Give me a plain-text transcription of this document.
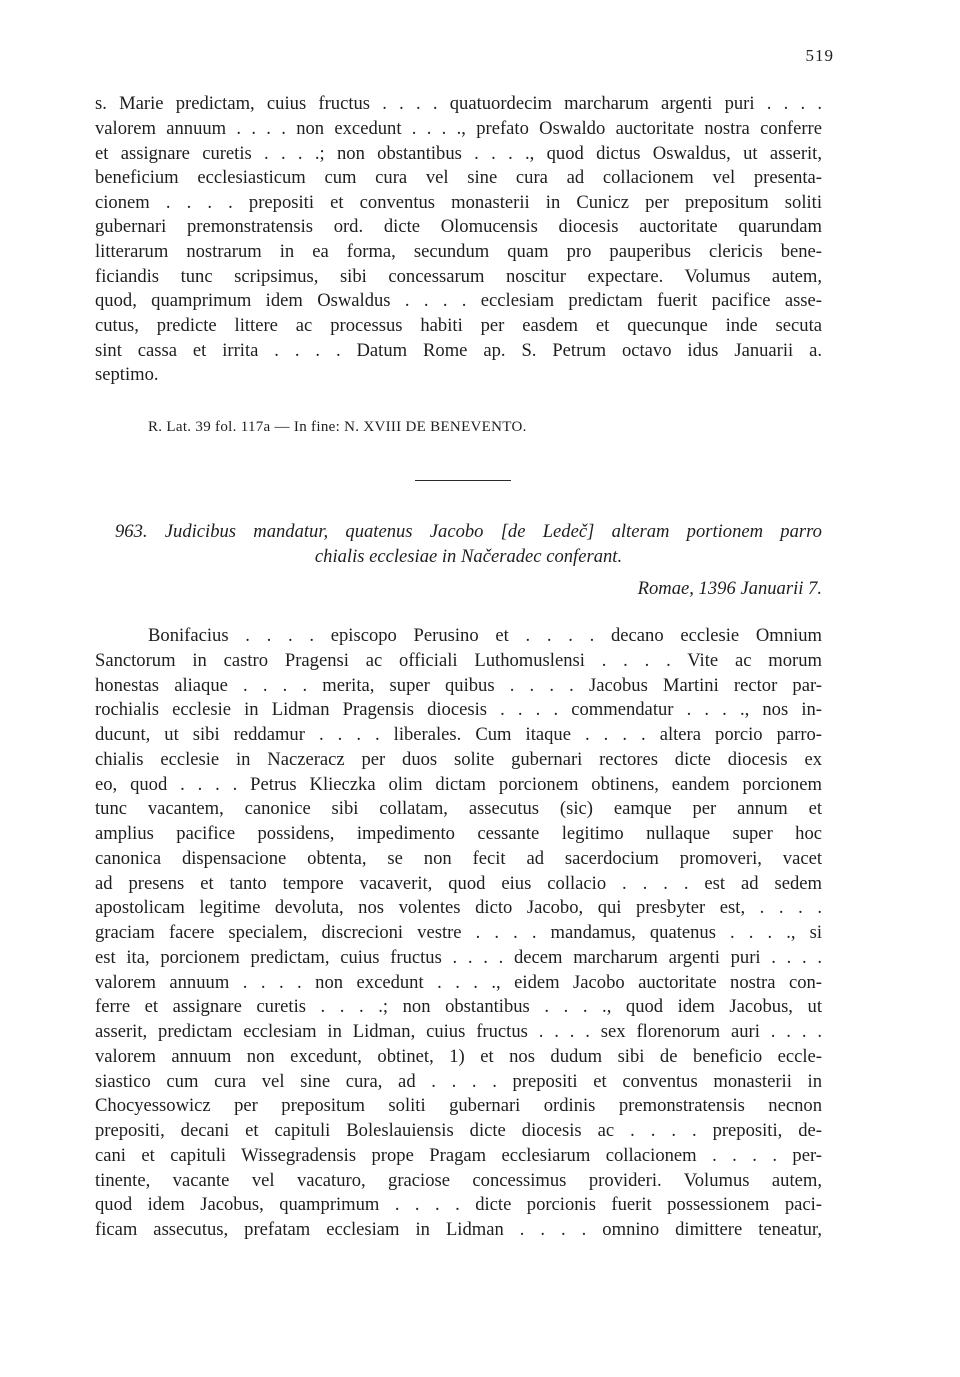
519
s. Marie predictam, cuius fructus . . . . quatuordecim marcharum argenti puri . . . .
valorem annuum . . . . non excedunt . . . ., prefato Oswaldo auctoritate nostra conferre
et assignare curetis . . . .; non obstantibus . . . ., quod dictus Oswaldus, ut asserit,
beneficium ecclesiasticum cum cura vel sine cura ad collacionem vel presenta-
cionem . . . . prepositi et conventus monasterii in Cunicz per prepositum soliti
gubernari premonstratensis ord. dicte Olomucensis diocesis auctoritate quarundam
litterarum nostrarum in ea forma, secundum quam pro pauperibus clericis bene-
ficiandis tunc scripsimus, sibi concessarum noscitur expectare. Volumus autem,
quod, quamprimum idem Oswaldus . . . . ecclesiam predictam fuerit pacifice asse-
cutus, predicte littere ac processus habiti per easdem et quecunque inde secuta
sint cassa et irrita . . . . Datum Rome ap. S. Petrum octavo idus Januarii a.
septimo.
R. Lat. 39 fol. 117a — In fine: N. XVIII DE BENEVENTO.
963. Judicibus mandatur, quatenus Jacobo [de Ledeč] alteram portionem parro
chialis ecclesiae in Načeradec conferant.
Romae, 1396 Januarii 7.
Bonifacius . . . . episcopo Perusino et . . . . decano ecclesie Omnium
Sanctorum in castro Pragensi ac officiali Luthomuslensi . . . . Vite ac morum
honestas aliaque . . . . merita, super quibus . . . . Jacobus Martini rector par-
rochialis ecclesie in Lidman Pragensis diocesis . . . . commendatur . . . ., nos in-
ducunt, ut sibi reddamur . . . . liberales. Cum itaque . . . . altera porcio parro-
chialis ecclesie in Naczeracz per duos solite gubernari rectores dicte diocesis ex
eo, quod . . . . Petrus Klieczka olim dictam porcionem obtinens, eandem porcionem
tunc vacantem, canonice sibi collatam, assecutus (sic) eamque per annum et
amplius pacifice possidens, impedimento cessante legitimo nullaque super hoc
canonica dispensacione obtenta, se non fecit ad sacerdocium promoveri, vacet
ad presens et tanto tempore vacaverit, quod eius collacio . . . . est ad sedem
apostolicam legitime devoluta, nos volentes dicto Jacobo, qui presbyter est, . . . .
graciam facere specialem, discrecioni vestre . . . . mandamus, quatenus . . . ., si
est ita, porcionem predictam, cuius fructus . . . . decem marcharum argenti puri . . . .
valorem annuum . . . . non excedunt . . . ., eidem Jacobo auctoritate nostra con-
ferre et assignare curetis . . . .; non obstantibus . . . ., quod idem Jacobus, ut
asserit, predictam ecclesiam in Lidman, cuius fructus . . . . sex florenorum auri . . . .
valorem annuum non excedunt, obtinet, 1) et nos dudum sibi de beneficio eccle-
siastico cum cura vel sine cura, ad . . . . prepositi et conventus monasterii in
Chocyessowicz per prepositum soliti gubernari ordinis premonstratensis necnon
prepositi, decani et capituli Boleslauiensis dicte diocesis ac . . . . prepositi, de-
cani et capituli Wissegradensis prope Pragam ecclesiarum collacionem . . . . per-
tinente, vacante vel vacaturo, graciose concessimus provideri. Volumus autem,
quod idem Jacobus, quamprimum . . . . dicte porcionis fuerit possessionem paci-
ficam assecutus, prefatam ecclesiam in Lidman . . . . omnino dimittere teneatur,
